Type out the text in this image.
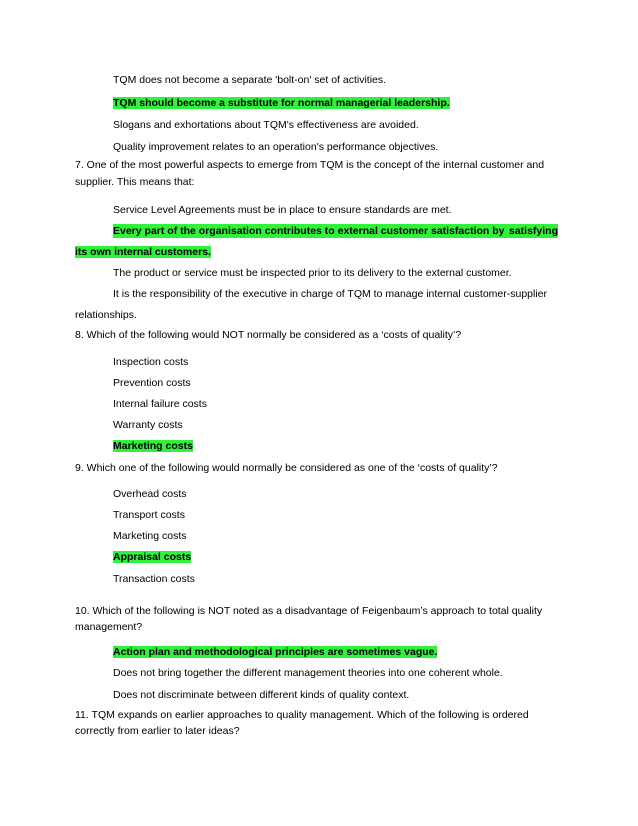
TQM does not become a separate 'bolt-on' set of activities.
TQM should become a substitute for normal managerial leadership.
Slogans and exhortations about TQM's effectiveness are avoided.
Quality improvement relates to an operation's performance objectives.
7. One of the most powerful aspects to emerge from TQM is the concept of the internal customer and
supplier. This means that:
Service Level Agreements must be in place to ensure standards are met.
Every part of the organisation contributes to external customer satisfaction by satisfying
its own internal customers.
The product or service must be inspected prior to its delivery to the external customer.
It is the responsibility of the executive in charge of TQM to manage internal customer-supplier
relationships.
8. Which of the following would NOT normally be considered as a ‘costs of quality’?
Inspection costs
Prevention costs
Internal failure costs
Warranty costs
Marketing costs
9. Which one of the following would normally be considered as one of the ‘costs of quality’?
Overhead costs
Transport costs
Marketing costs
Appraisal costs
Transaction costs
10. Which of the following is NOT noted as a disadvantage of Feigenbaum’s approach to total quality
management?
Action plan and methodological principles are sometimes vague.
Does not bring together the different management theories into one coherent whole.
Does not discriminate between different kinds of quality context.
11. TQM expands on earlier approaches to quality management. Which of the following is ordered
correctly from earlier to later ideas?
